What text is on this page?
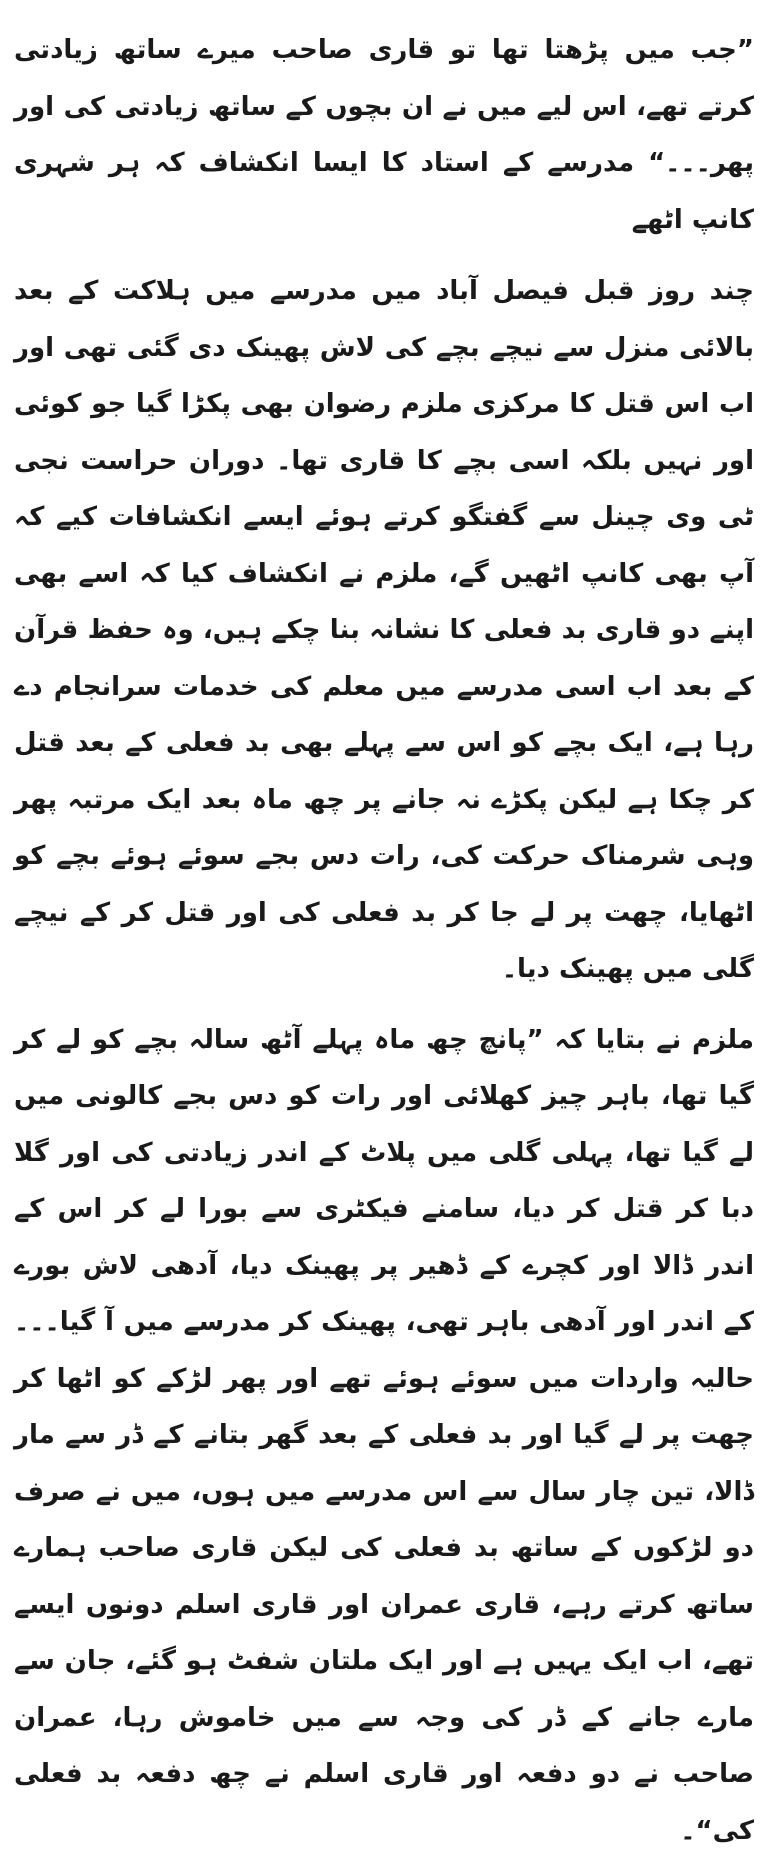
”جب میں پڑھتا تھا تو قاری صاحب میرے ساتھ زیادتی کرتے تھے، اس لیے میں نے ان بچوں کے ساتھ زیادتی کی اور پھر۔۔۔“ مدرسے کے استاد کا ایسا انکشاف کہ ہر شہری کانپ اٹھے

چند روز قبل فیصل آباد میں مدرسے میں ہلاکت کے بعد بالائی منزل سے نیچے بچے کی لاش پھینک دی گئی تھی اور اب اس قتل کا مرکزی ملزم رضوان بھی پکڑا گیا جو کوئی اور نہیں بلکہ اسی بچے کا قاری تھا۔ دوران حراست نجی ٹی وی چینل سے گفتگو کرتے ہوئے ایسے انکشافات کیے کہ آپ بھی کانپ اٹھیں گے، ملزم نے انکشاف کیا کہ اسے بھی اپنے دو قاری بد فعلی کا نشانہ بنا چکے ہیں، وہ حفظ قرآن کے بعد اب اسی مدرسے میں معلم کی خدمات سرانجام دے رہا ہے، ایک بچے کو اس سے پہلے بھی بد فعلی کے بعد قتل کر چکا ہے لیکن پکڑے نہ جانے پر چھ ماہ بعد ایک مرتبہ پھر وہی شرمناک حرکت کی، رات دس بجے سوئے ہوئے بچے کو اٹھایا، چھت پر لے جا کر بد فعلی کی اور قتل کر کے نیچے گلی میں پھینک دیا۔

ملزم نے بتایا کہ ”پانچ چھ ماہ پہلے آٹھ سالہ بچے کو لے کر گیا تھا، باہر چیز کھلائی اور رات کو دس بجے کالونی میں لے گیا تھا، پہلی گلی میں پلاٹ کے اندر زیادتی کی اور گلا دبا کر قتل کر دیا، سامنے فیکٹری سے بورا لے کر اس کے اندر ڈالا اور کچرے کے ڈھیر پر پھینک دیا، آدھی لاش بورے کے اندر اور آدھی باہر تھی، پھینک کر مدرسے میں آ گیا۔۔۔ حالیہ واردات میں سوئے ہوئے تھے اور پھر لڑکے کو اٹھا کر چھت پر لے گیا اور بد فعلی کے بعد گھر بتانے کے ڈر سے مار ڈالا، تین چار سال سے اس مدرسے میں ہوں، میں نے صرف دو لڑکوں کے ساتھ بد فعلی کی لیکن قاری صاحب ہمارے ساتھ کرتے رہے، قاری عمران اور قاری اسلم دونوں ایسے تھے، اب ایک یہیں ہے اور ایک ملتان شفٹ ہو گئے، جان سے مارے جانے کے ڈر کی وجہ سے میں خاموش رہا، عمران صاحب نے دو دفعہ اور قاری اسلم نے چھ دفعہ بد فعلی کی“۔
